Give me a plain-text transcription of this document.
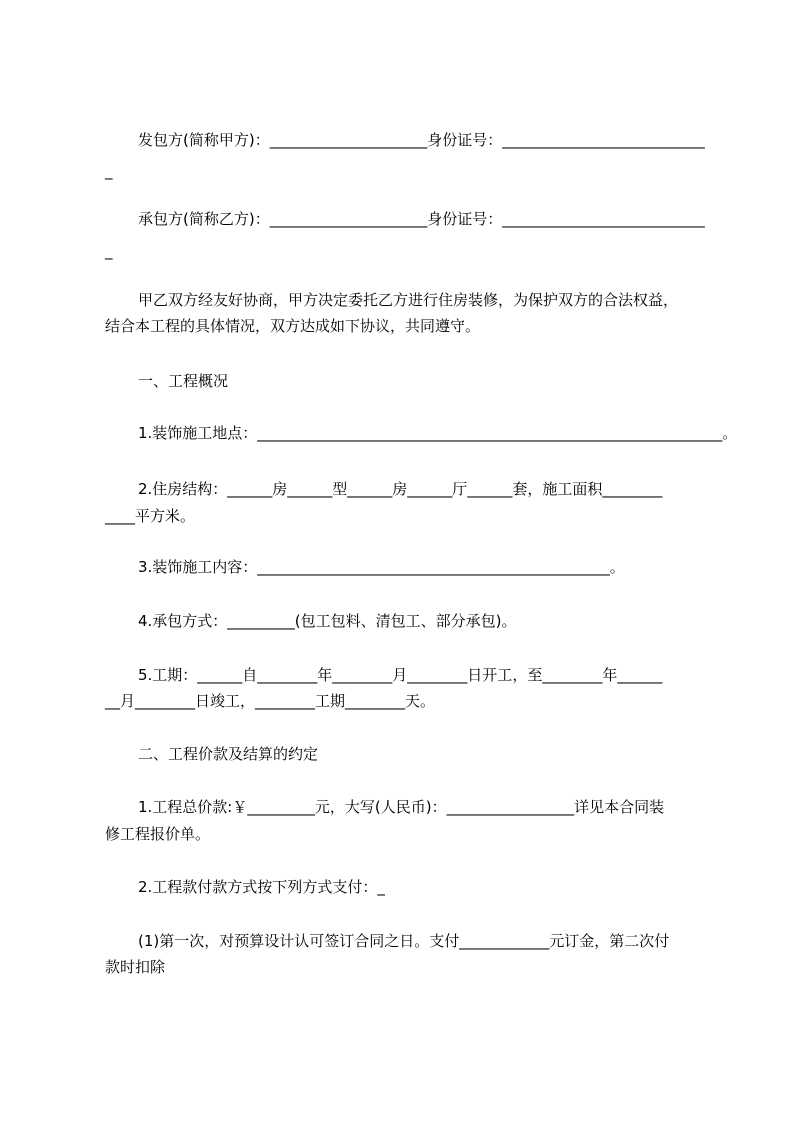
发包方(简称甲方)：_____________________身份证号：___________________________
_
承包方(简称乙方)：_____________________身份证号：___________________________
_
甲乙双方经友好协商，甲方决定委托乙方进行住房装修，为保护双方的合法权益，
结合本工程的具体情况，双方达成如下协议，共同遵守。
一、工程概况
1.装饰施工地点：______________________________________________________________。
2.住房结构：______房______型______房______厅______套，施工面积________
____平方米。
3.装饰施工内容：_______________________________________________。
4.承包方式：_________(包工包料、清包工、部分承包)。
5.工期：______自________年________月________日开工，至________年______
__月________日竣工，________工期________天。
二、工程价款及结算的约定
1.工程总价款:￥_________元，大写(人民币)：_________________详见本合同装
修工程报价单。
2.工程款付款方式按下列方式支付：_
(1)第一次，对预算设计认可签订合同之日。支付____________元订金，第二次付
款时扣除
